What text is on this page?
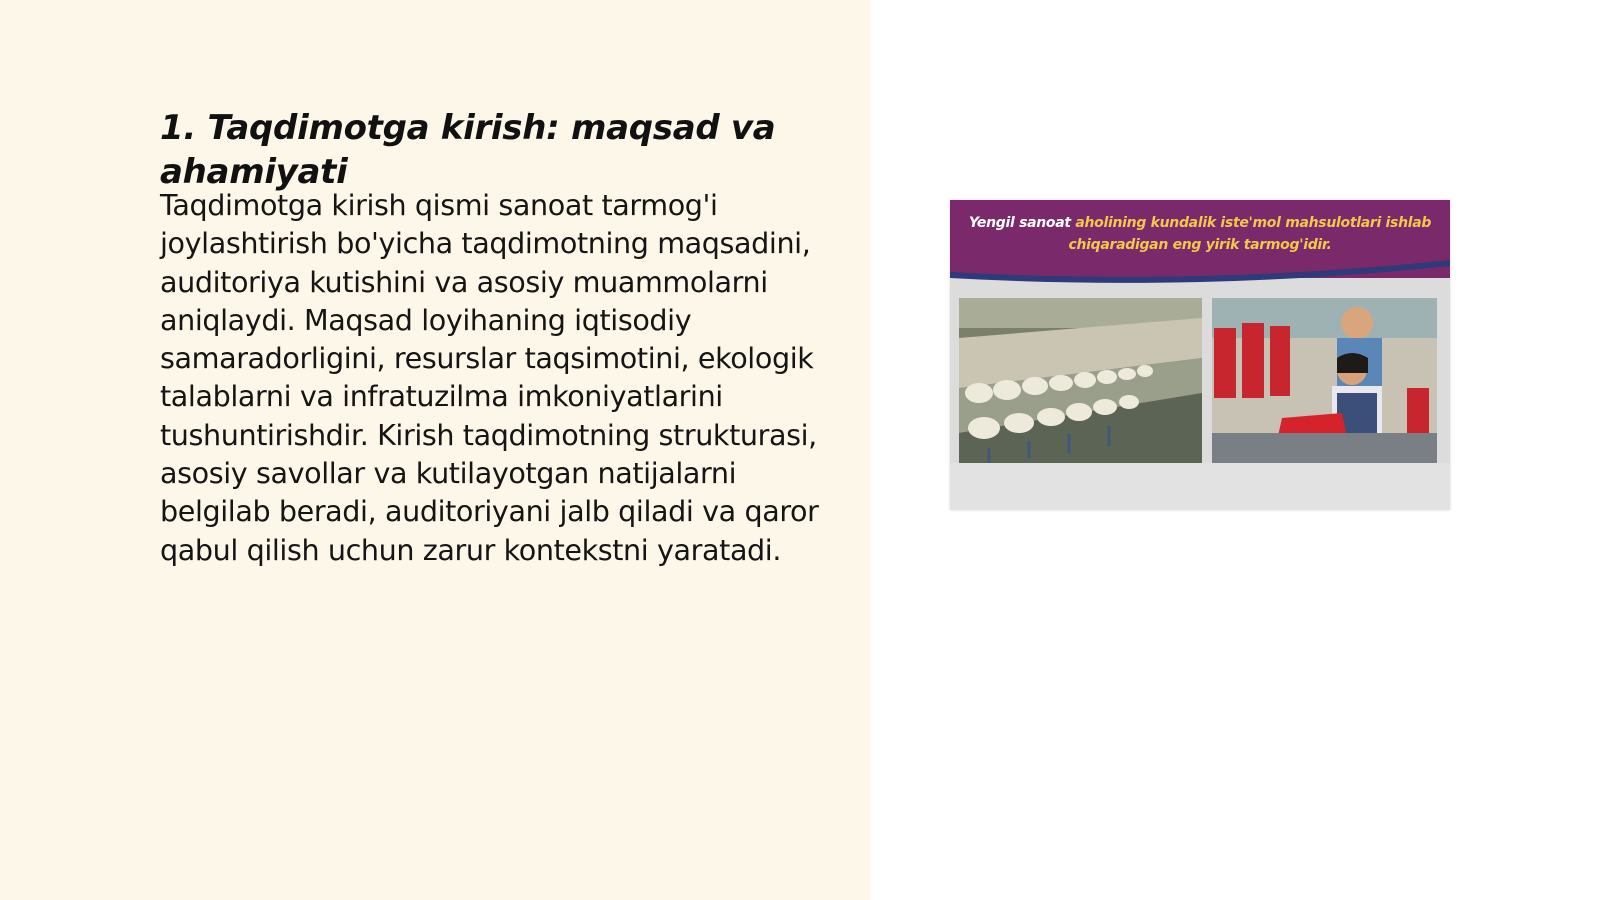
1. Taqdimotga kirish: maqsad va ahamiyati

Taqdimotga kirish qismi sanoat tarmog'i joylashtirish bo'yicha taqdimotning maqsadini, auditoriya kutishini va asosiy muammolarni aniqlaydi. Maqsad loyihaning iqtisodiy samaradorligini, resurslar taqsimotini, ekologik talablarni va infratuzilma imkoniyatlarini tushuntirishdir. Kirish taqdimotning strukturasi, asosiy savollar va kutilayotgan natijalarni belgilab beradi, auditoriyani jalb qiladi va qaror qabul qilish uchun zarur kontekstni yaratadi.

Yengil sanoat aholining kundalik iste'mol mahsulotlari ishlab
chiqaradigan eng yirik tarmog'idir.
